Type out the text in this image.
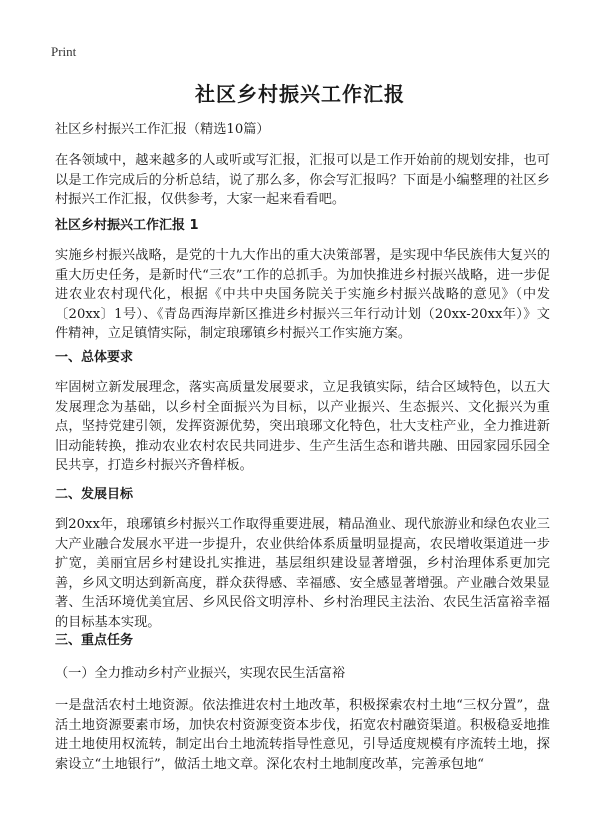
Print
社区乡村振兴工作汇报
社区乡村振兴工作汇报（精选10篇）
在各领域中，越来越多的人或听或写汇报，汇报可以是工作开始前的规划安排，也可以是工作完成后的分析总结，说了那么多，你会写汇报吗？下面是小编整理的社区乡村振兴工作汇报，仅供参考，大家一起来看看吧。
社区乡村振兴工作汇报 1
实施乡村振兴战略，是党的十九大作出的重大决策部署，是实现中华民族伟大复兴的重大历史任务，是新时代“三农”工作的总抓手。为加快推进乡村振兴战略，进一步促进农业农村现代化，根据《中共中央国务院关于实施乡村振兴战略的意见》（中发〔20xx〕1号）、《青岛西海岸新区推进乡村振兴三年行动计划（20xx-20xx年）》文件精神，立足镇情实际，制定琅琊镇乡村振兴工作实施方案。
一、总体要求
牢固树立新发展理念，落实高质量发展要求，立足我镇实际，结合区域特色，以五大发展理念为基础，以乡村全面振兴为目标，以产业振兴、生态振兴、文化振兴为重点，坚持党建引领，发挥资源优势，突出琅琊文化特色，壮大支柱产业，全力推进新旧动能转换，推动农业农村农民共同进步、生产生活生态和谐共融、田园家园乐园全民共享，打造乡村振兴齐鲁样板。
二、发展目标
到20xx年，琅琊镇乡村振兴工作取得重要进展，精品渔业、现代旅游业和绿色农业三大产业融合发展水平进一步提升，农业供给体系质量明显提高，农民增收渠道进一步扩宽，美丽宜居乡村建设扎实推进，基层组织建设显著增强，乡村治理体系更加完善，乡风文明达到新高度，群众获得感、幸福感、安全感显著增强。产业融合效果显著、生活环境优美宜居、乡风民俗文明淳朴、乡村治理民主法治、农民生活富裕幸福的目标基本实现。
三、重点任务
（一）全力推动乡村产业振兴，实现农民生活富裕
一是盘活农村土地资源。依法推进农村土地改革，积极探索农村土地“三权分置”，盘活土地资源要素市场，加快农村资源变资本步伐，拓宽农村融资渠道。积极稳妥地推进土地使用权流转，制定出台土地流转指导性意见，引导适度规模有序流转土地，探索设立“土地银行”，做活土地文章。深化农村土地制度改革，完善承包地“
